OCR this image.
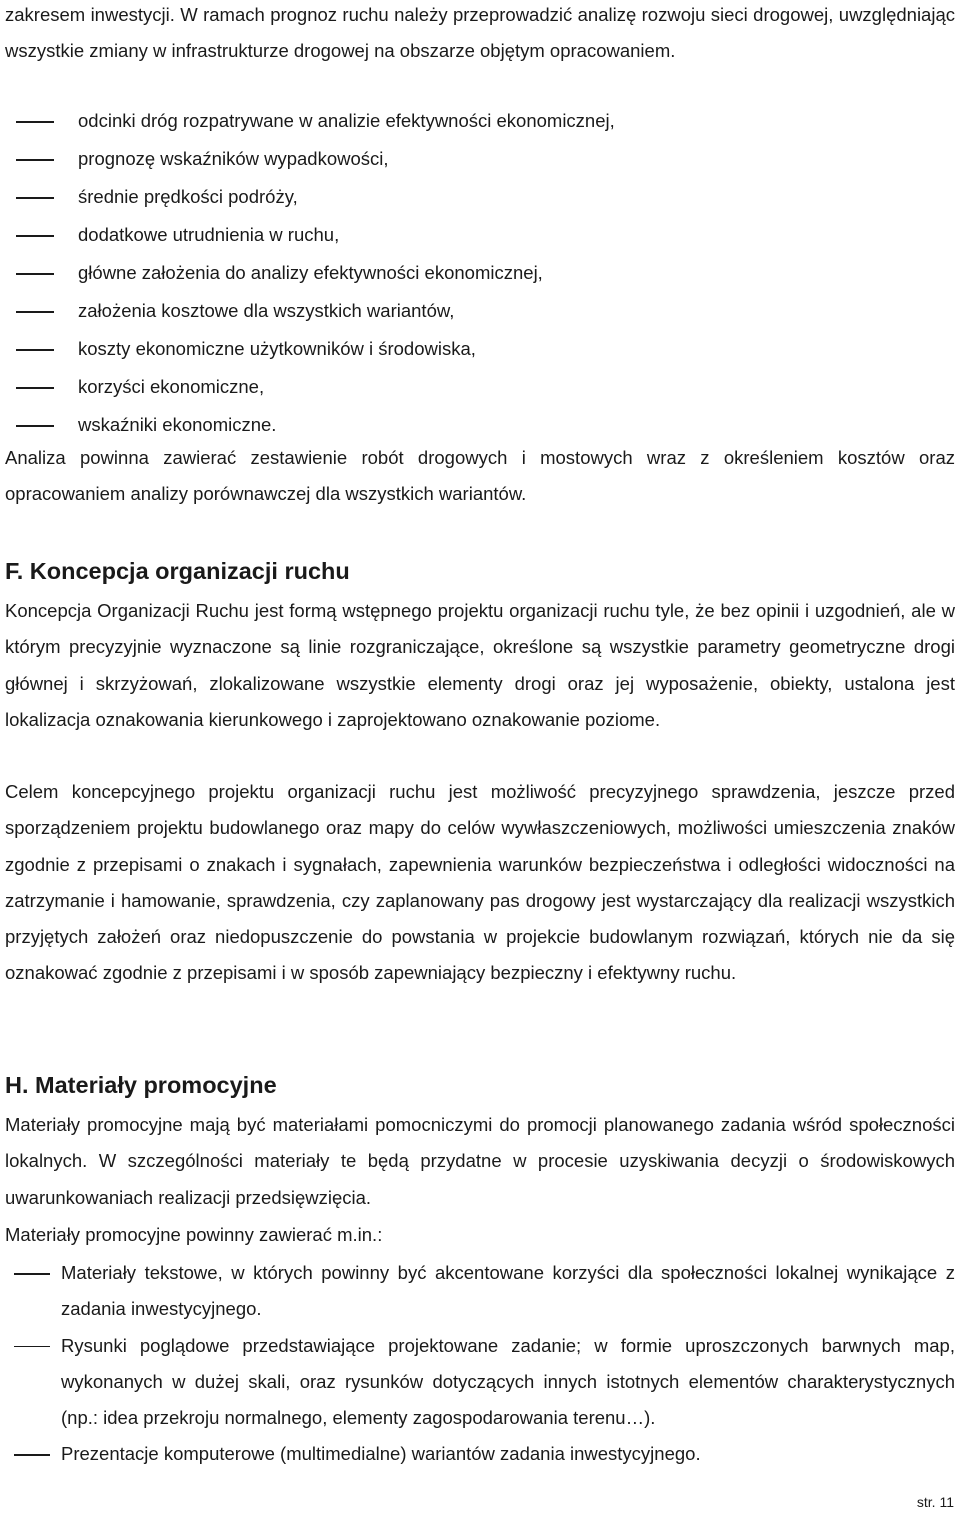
zakresem inwestycji. W ramach prognoz ruchu należy przeprowadzić analizę rozwoju sieci drogowej, uwzględniając wszystkie zmiany w infrastrukturze drogowej na obszarze objętym opracowaniem.

odcinki dróg rozpatrywane w analizie efektywności ekonomicznej,
prognozę wskaźników wypadkowości,
średnie prędkości podróży,
dodatkowe utrudnienia w ruchu,
główne założenia do analizy efektywności ekonomicznej,
założenia kosztowe dla wszystkich wariantów,
koszty ekonomiczne użytkowników i środowiska,
korzyści ekonomiczne,
wskaźniki ekonomiczne.

Analiza powinna zawierać zestawienie robót drogowych i mostowych wraz z określeniem kosztów oraz opracowaniem analizy porównawczej dla wszystkich wariantów.

F. Koncepcja organizacji ruchu

Koncepcja Organizacji Ruchu jest formą wstępnego projektu organizacji ruchu tyle, że bez opinii i uzgodnień, ale w którym precyzyjnie wyznaczone są linie rozgraniczające, określone są wszystkie parametry geometryczne drogi głównej i skrzyżowań, zlokalizowane wszystkie elementy drogi oraz jej wyposażenie, obiekty, ustalona jest lokalizacja oznakowania kierunkowego i zaprojektowano oznakowanie poziome.

Celem koncepcyjnego projektu organizacji ruchu jest możliwość precyzyjnego sprawdzenia, jeszcze przed sporządzeniem projektu budowlanego oraz mapy do celów wywłaszczeniowych, możliwości umieszczenia znaków zgodnie z przepisami o znakach i sygnałach, zapewnienia warunków bezpieczeństwa i odległości widoczności na zatrzymanie i hamowanie, sprawdzenia, czy zaplanowany pas drogowy jest wystarczający dla realizacji wszystkich przyjętych założeń oraz niedopuszczenie do powstania w projekcie budowlanym rozwiązań, których nie da się oznakować zgodnie z przepisami i w sposób zapewniający bezpieczny i efektywny ruchu.

H. Materiały promocyjne

Materiały promocyjne mają być materiałami pomocniczymi do promocji planowanego zadania wśród społeczności lokalnych. W szczególności materiały te będą przydatne w procesie uzyskiwania decyzji o środowiskowych uwarunkowaniach realizacji przedsięwzięcia.

Materiały promocyjne powinny zawierać m.in.:

Materiały tekstowe, w których powinny być akcentowane korzyści dla społeczności lokalnej wynikające z zadania inwestycyjnego.
Rysunki poglądowe przedstawiające projektowane zadanie; w formie uproszczonych barwnych map, wykonanych w dużej skali, oraz rysunków dotyczących innych istotnych elementów charakterystycznych (np.: idea przekroju normalnego, elementy zagospodarowania terenu…).
Prezentacje komputerowe (multimedialne) wariantów zadania inwestycyjnego.
str. 11
